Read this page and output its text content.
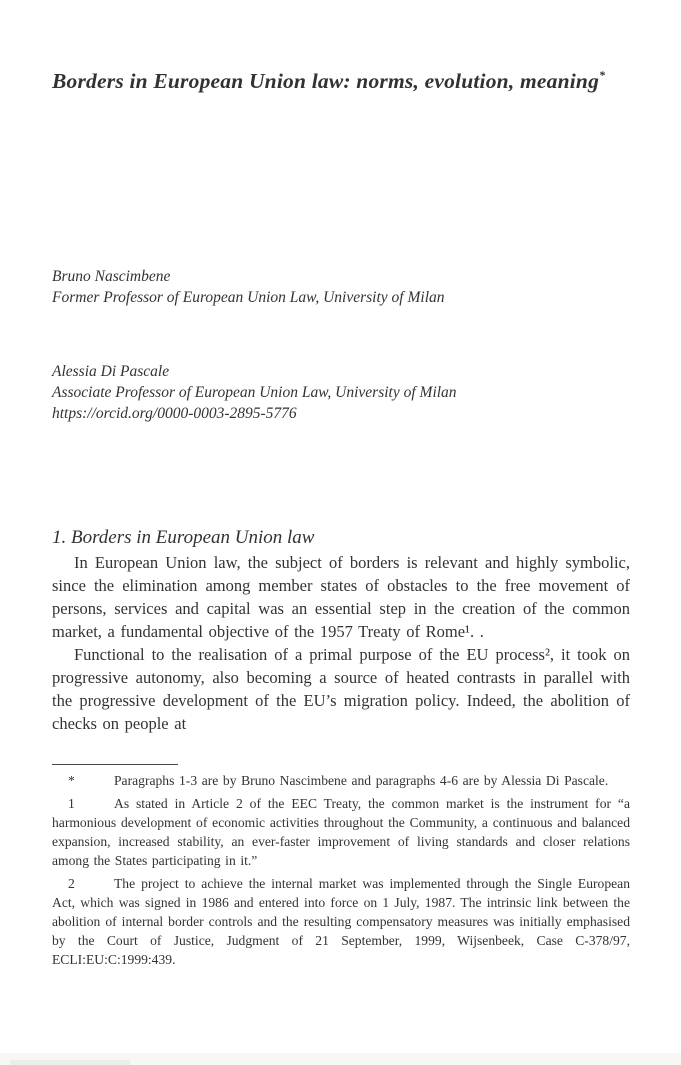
Borders in European Union law: norms, evolution, meaning*
Bruno Nascimbene
Former Professor of European Union Law, University of Milan
Alessia Di Pascale
Associate Professor of European Union Law, University of Milan
https://orcid.org/0000-0003-2895-5776
1. Borders in European Union law

In European Union law, the subject of borders is relevant and highly symbolic, since the elimination among member states of obstacles to the free movement of persons, services and capital was an essential step in the creation of the common market, a fundamental objective of the 1957 Treaty of Rome¹. .

Functional to the realisation of a primal purpose of the EU process², it took on progressive autonomy, also becoming a source of heated contrasts in parallel with the progressive development of the EU’s migration policy. Indeed, the abolition of checks on people at

*	Paragraphs 1-3 are by Bruno Nascimbene and paragraphs 4-6 are by Alessia Di Pascale.

1	As stated in Article 2 of the EEC Treaty, the common market is the instrument for “a harmonious development of economic activities throughout the Community, a continuous and balanced expansion, increased stability, an ever-faster improvement of living standards and closer relations among the States participating in it.”

2	The project to achieve the internal market was implemented through the Single European Act, which was signed in 1986 and entered into force on 1 July, 1987. The intrinsic link between the abolition of internal border controls and the resulting compensatory measures was initially emphasised by the Court of Justice, Judgment of 21 September, 1999, Wijsenbeek, Case C-378/97, ECLI:EU:C:1999:439.
